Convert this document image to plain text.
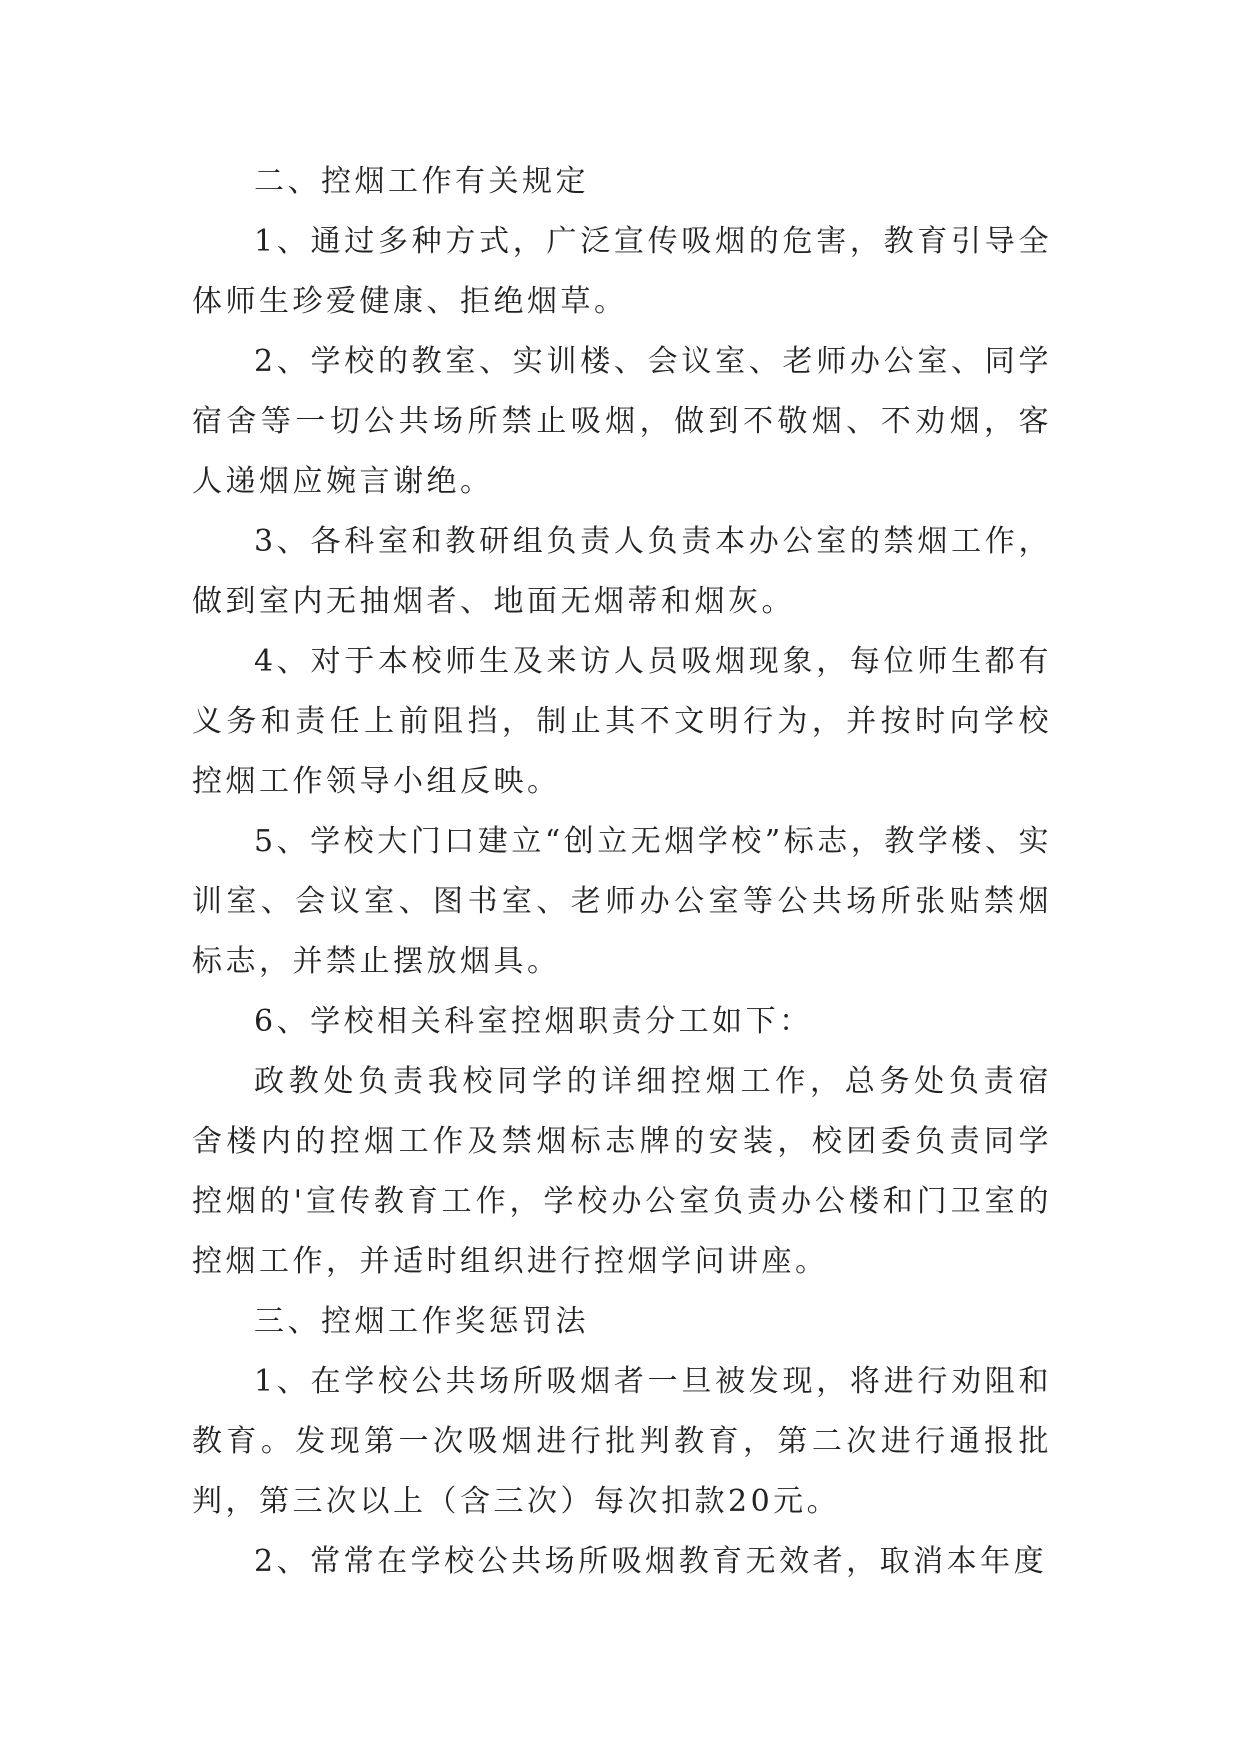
二、控烟工作有关规定

1、通过多种方式，广泛宣传吸烟的危害，教育引导全体师生珍爱健康、拒绝烟草。

2、学校的教室、实训楼、会议室、老师办公室、同学宿舍等一切公共场所禁止吸烟，做到不敬烟、不劝烟，客人递烟应婉言谢绝。

3、各科室和教研组负责人负责本办公室的禁烟工作，做到室内无抽烟者、地面无烟蒂和烟灰。

4、对于本校师生及来访人员吸烟现象，每位师生都有义务和责任上前阻挡，制止其不文明行为，并按时向学校控烟工作领导小组反映。

5、学校大门口建立“创立无烟学校”标志，教学楼、实训室、会议室、图书室、老师办公室等公共场所张贴禁烟标志，并禁止摆放烟具。

6、学校相关科室控烟职责分工如下：

政教处负责我校同学的详细控烟工作，总务处负责宿舍楼内的控烟工作及禁烟标志牌的安装，校团委负责同学控烟的'宣传教育工作，学校办公室负责办公楼和门卫室的控烟工作，并适时组织进行控烟学问讲座。

三、控烟工作奖惩罚法

1、在学校公共场所吸烟者一旦被发现，将进行劝阻和教育。发现第一次吸烟进行批判教育，第二次进行通报批判，第三次以上（含三次）每次扣款20元。

2、常常在学校公共场所吸烟教育无效者，取消本年度
